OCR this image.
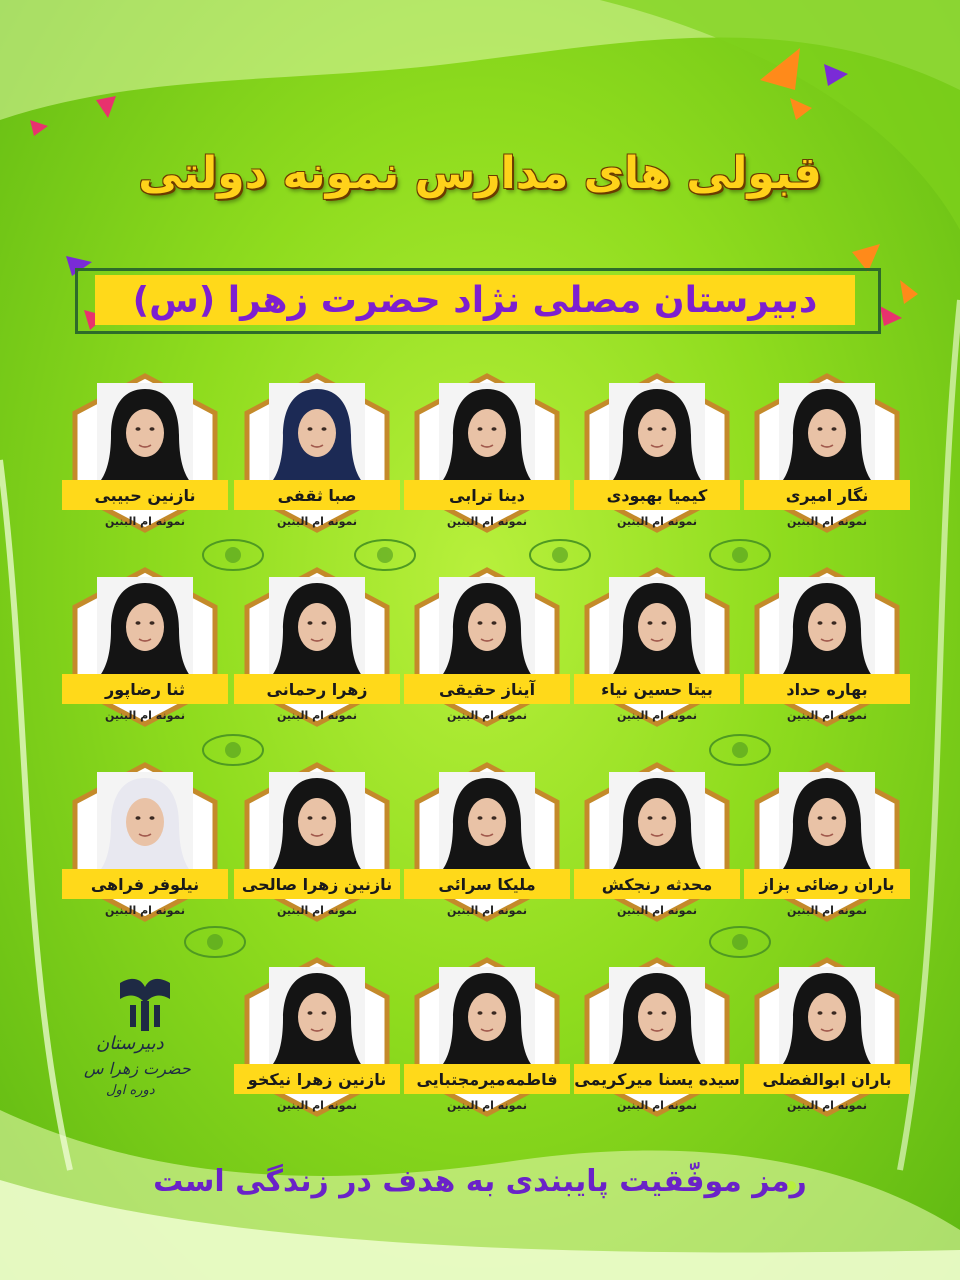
قبولی های مدارس نمونه دولتی
دبیرستان مصلی نژاد حضرت زهرا (س)
نگار امیری
نمونه ام البنین
کیمیا بهبودی
نمونه ام البنین
دینا ترابی
نمونه ام البنین
صبا ثقفی
نمونه ام البنین
نازنین حبیبی
نمونه ام البنین
بهاره حداد
نمونه ام البنین
بیتا حسین نیاء
نمونه ام البنین
آیناز حقیقی
نمونه ام البنین
زهرا رحمانی
نمونه ام البنین
ثنا رضاپور
نمونه ام البنین
باران رضائی بزاز
نمونه ام البنین
محدثه رنجکش
نمونه ام البنین
ملیکا سرائی
نمونه ام البنین
نازنین زهرا صالحی
نمونه ام البنین
نیلوفر فراهی
نمونه ام البنین
باران ابوالفضلی
نمونه ام البنین
سیده یسنا میرکریمی
نمونه ام البنین
فاطمه‌میرمجتبایی
نمونه ام البنین
نازنین زهرا نیکخو
نمونه ام البنین
دبیرستان
حضرت زهرا س
دوره اول
رمز موفّقیت پایبندی به هدف در زندگی است
